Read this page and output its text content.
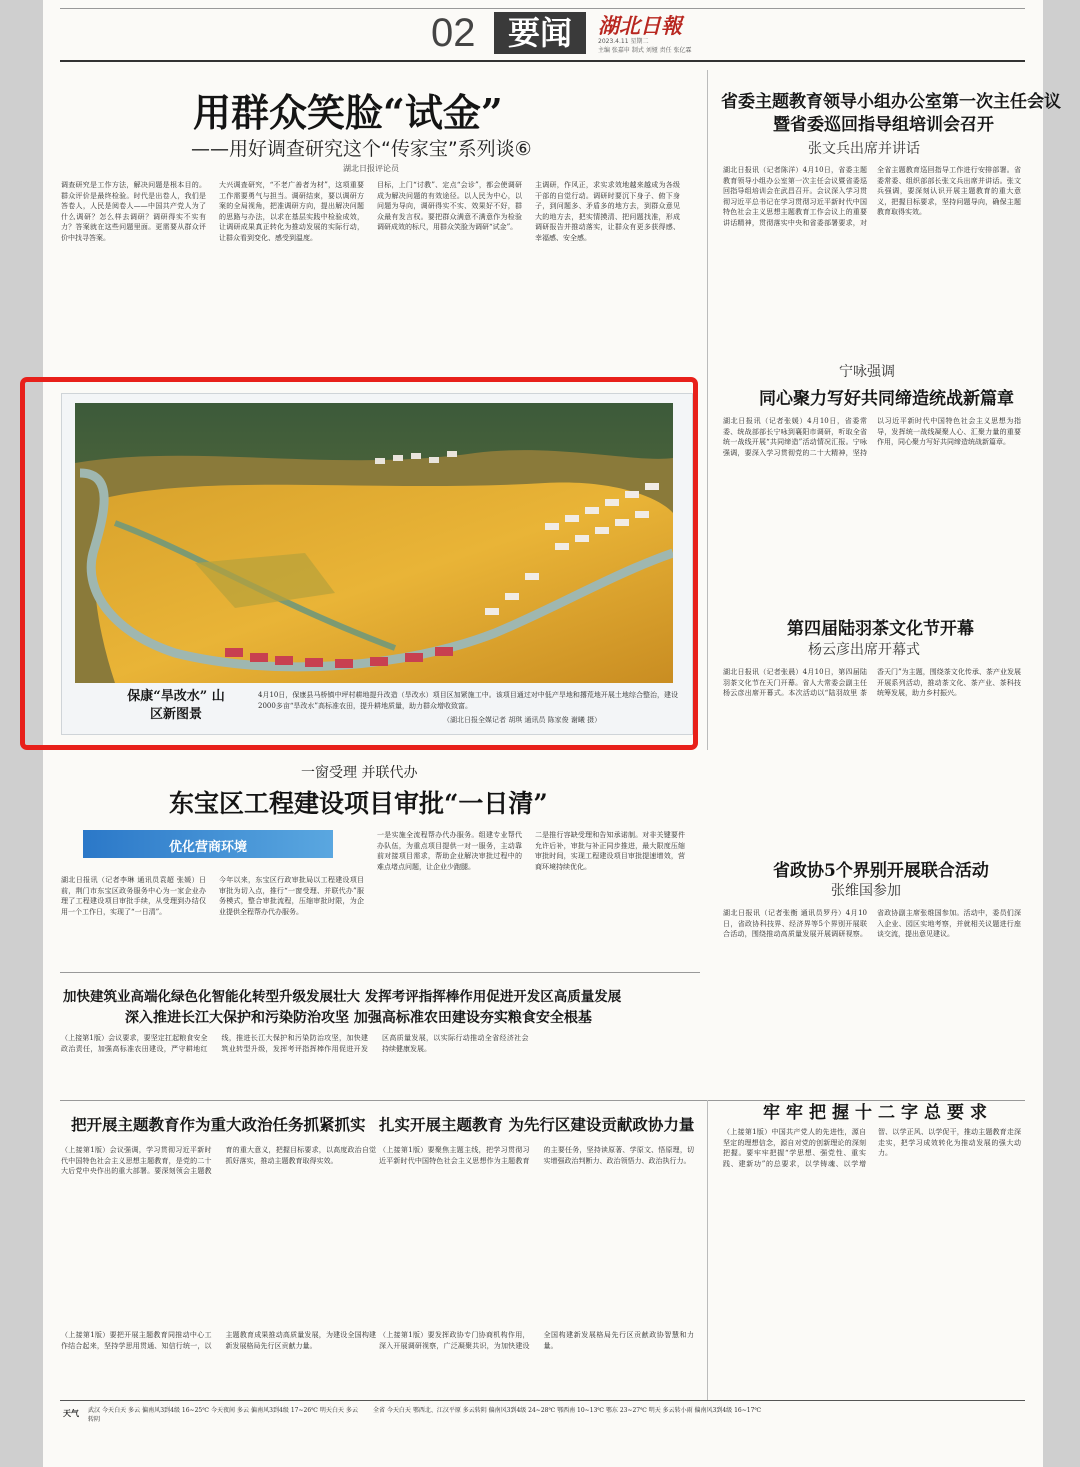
02	要闻	湖北日報
2023.4.11 星期二
主编 张嘉申 制式 刘娅 责任 张亿霖
用群众笑脸“试金”
——用好调查研究这个“传家宝”系列谈⑥
湖北日报评论员
调查研究是工作方法，解决问题是根本目的。群众评价是最终检验。时代是出卷人，我们是答卷人，人民是阅卷人——中国共产党人为了什么调研？怎么样去调研？调研得实不实有力？答案就在这些问题里面。更需要从群众评价中找寻答案。
大兴调查研究，“不老广善者为材”，这项重要工作需要勇气与担当。调研结束，要以调研方案的全局视角，把准调研方向，提出解决问题的思路与办法，以求在基层实践中检验成效，让调研成果真正转化为推动发展的实际行动，让群众看到变化、感受到温度。
目标，上门“讨教”、定点“会诊”，都会使调研成为解决问题的有效途径。以人民为中心，以问题为导向，调研得实不实、效果好不好，群众最有发言权。要把群众满意不满意作为检验调研成效的标尺，用群众笑脸为调研“试金”。
主调研，作风正，求实求效地越来越成为各级干部的自觉行动。调研时要沉下身子、俯下身子，到问题多、矛盾多的地方去，到群众意见大的地方去，把实情摸清、把问题找准，形成调研报告并推动落实，让群众有更多获得感、幸福感、安全感。
省委主题教育领导小组办公室第一次主任会议
暨省委巡回指导组培训会召开
张文兵出席并讲话
湖北日报讯（记者陈洋）4月10日，省委主题教育领导小组办公室第一次主任会议暨省委巡回指导组培训会在武昌召开。会议深入学习贯彻习近平总书记在学习贯彻习近平新时代中国特色社会主义思想主题教育工作会议上的重要讲话精神，贯彻落实中央和省委部署要求，对全省主题教育巡回指导工作进行安排部署。省委常委、组织部部长张文兵出席并讲话。张文兵强调，要深刻认识开展主题教育的重大意义，把握目标要求，坚持问题导向，确保主题教育取得实效。
宁咏强调
同心聚力写好共同缔造统战新篇章
湖北日报讯（记者张媛）4月10日，省委常委、统战部部长宁咏到襄阳市调研，听取全省统一战线开展“共同缔造”活动情况汇报。宁咏强调，要深入学习贯彻党的二十大精神，坚持以习近平新时代中国特色社会主义思想为指导，发挥统一战线凝聚人心、汇聚力量的重要作用，同心聚力写好共同缔造统战新篇章。
第四届陆羽茶文化节开幕
杨云彦出席开幕式
湖北日报讯（记者张晨）4月10日，第四届陆羽茶文化节在天门开幕。省人大常委会副主任杨云彦出席开幕式。本次活动以“陆羽故里 茶香天门”为主题，围绕茶文化传承、茶产业发展开展系列活动，推动茶文化、茶产业、茶科技统筹发展，助力乡村振兴。
省政协5个界别开展联合活动
张维国参加
湖北日报讯（记者张衡 通讯员罗丹）4月10日，省政协科技界、经济界等5个界别开展联合活动，围绕推动高质量发展开展调研视察。省政协副主席张维国参加。活动中，委员们深入企业、园区实地考察，并就相关议题进行座谈交流，提出意见建议。
保康“旱改水” 山区新图景
4月10日，保康县马桥镇中坪村耕地提升改造（旱改水）项目区加紧施工中。该项目通过对中低产旱地和撂荒地开展土地综合整治，建设2000多亩“旱改水”高标准农田，提升耕地质量，助力群众增收致富。
（湖北日报全媒记者 胡琪 通讯员 陈家俊 谢曦 摄）
一窗受理 并联代办
东宝区工程建设项目审批“一日清”
优化营商环境
湖北日报讯（记者李琳 通讯员袁超 张媛）日前，荆门市东宝区政务服务中心为一家企业办理了工程建设项目审批手续，从受理到办结仅用一个工作日，实现了“一日清”。
今年以来，东宝区行政审批局以工程建设项目审批为切入点，推行“一窗受理、并联代办”服务模式，整合审批流程，压缩审批时限，为企业提供全程帮办代办服务。
一是实施全流程帮办代办服务。组建专业帮代办队伍，为重点项目提供一对一服务，主动靠前对接项目需求，帮助企业解决审批过程中的难点堵点问题，让企业少跑腿。
二是推行容缺受理和告知承诺制。对非关键要件允许后补，审批与补正同步推进，最大限度压缩审批时间，实现工程建设项目审批提速增效，营商环境持续优化。
加快建筑业高端化绿色化智能化转型升级发展壮大 发挥考评指挥棒作用促进开发区高质量发展
深入推进长江大保护和污染防治攻坚 加强高标准农田建设夯实粮食安全根基
（上接第1版）会议要求，要坚定扛起粮食安全政治责任，加强高标准农田建设，严守耕地红线，推进长江大保护和污染防治攻坚，加快建筑业转型升级，发挥考评指挥棒作用促进开发区高质量发展，以实际行动推动全省经济社会持续健康发展。
把开展主题教育作为重大政治任务抓紧抓实
（上接第1版）会议强调，学习贯彻习近平新时代中国特色社会主义思想主题教育，是党的二十大后党中央作出的重大部署。要深刻领会主题教育的重大意义，把握目标要求，以高度政治自觉抓好落实，推动主题教育取得实效。
（上接第1版）要把开展主题教育同推动中心工作结合起来，坚持学思用贯通、知信行统一，以主题教育成果推动高质量发展，为建设全国构建新发展格局先行区贡献力量。
扎实开展主题教育 为先行区建设贡献政协力量
（上接第1版）要聚焦主题主线，把学习贯彻习近平新时代中国特色社会主义思想作为主题教育的主要任务，坚持读原著、学原文、悟原理，切实增强政治判断力、政治领悟力、政治执行力。
（上接第1版）要发挥政协专门协商机构作用，深入开展调研视察，广泛凝聚共识，为加快建设全国构建新发展格局先行区贡献政协智慧和力量。
牢牢把握十二字总要求
（上接第1版）中国共产党人的先进性，源自坚定的理想信念，源自对党的创新理论的深刻把握。要牢牢把握“学思想、强党性、重实践、建新功”的总要求，以学铸魂、以学增智、以学正风、以学促干，推动主题教育走深走实，把学习成效转化为推动发展的强大动力。
天气 武汉 今天白天 多云 偏南风3到4级 16~25℃ 今天夜间 多云 偏南风3到4级 17~26℃ 明天白天 多云转阴
全省 今天白天 鄂西北、江汉平原 多云转阴 偏南风3到4级 24~28℃ 鄂西南 10~13℃ 鄂东 23~27℃ 明天 多云转小雨 偏南风3到4级 16~17℃
